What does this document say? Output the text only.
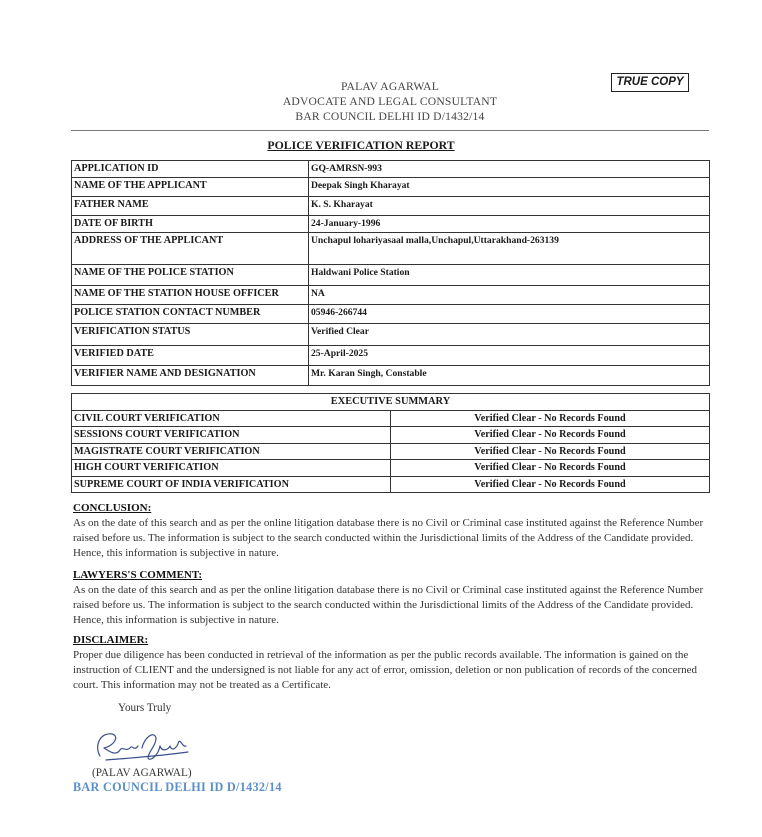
TRUE COPY
PALAV AGARWAL
ADVOCATE AND LEGAL CONSULTANT
BAR COUNCIL DELHI ID D/1432/14
POLICE VERIFICATION REPORT
APPLICATION ID	GQ-AMRSN-993
NAME OF THE APPLICANT	Deepak Singh Kharayat
FATHER NAME	K. S. Kharayat
DATE OF BIRTH	24-January-1996
ADDRESS OF THE APPLICANT	Unchapul lohariyasaal malla,Unchapul,Uttarakhand-263139
NAME OF THE POLICE STATION	Haldwani Police Station
NAME OF THE STATION HOUSE OFFICER	NA
POLICE STATION CONTACT NUMBER	05946-266744
VERIFICATION STATUS	Verified Clear
VERIFIED DATE	25-April-2025
VERIFIER NAME AND DESIGNATION	Mr. Karan Singh, Constable
EXECUTIVE SUMMARY	
CIVIL COURT VERIFICATION	Verified Clear - No Records Found
SESSIONS COURT VERIFICATION	Verified Clear - No Records Found
MAGISTRATE COURT VERIFICATION	Verified Clear - No Records Found
HIGH COURT VERIFICATION	Verified Clear - No Records Found
SUPREME COURT OF INDIA VERIFICATION	Verified Clear - No Records Found
CONCLUSION:

As on the date of this search and as per the online litigation database there is no Civil or Criminal case instituted against the Reference Number raised before us. The information is subject to the search conducted within the Jurisdictional limits of the Address of the Candidate provided. Hence, this information is subjective in nature.

LAWYERS'S COMMENT:

As on the date of this search and as per the online litigation database there is no Civil or Criminal case instituted against the Reference Number raised before us. The information is subject to the search conducted within the Jurisdictional limits of the Address of the Candidate provided. Hence, this information is subjective in nature.

DISCLAIMER:

Proper due diligence has been conducted in retrieval of the information as per the public records available. The information is gained on the instruction of CLIENT and the undersigned is not liable for any act of error, omission, deletion or non publication of records of the concerned court. This information may not be treated as a Certificate.

Yours Truly
(PALAV AGARWAL)
BAR COUNCIL DELHI ID D/1432/14
